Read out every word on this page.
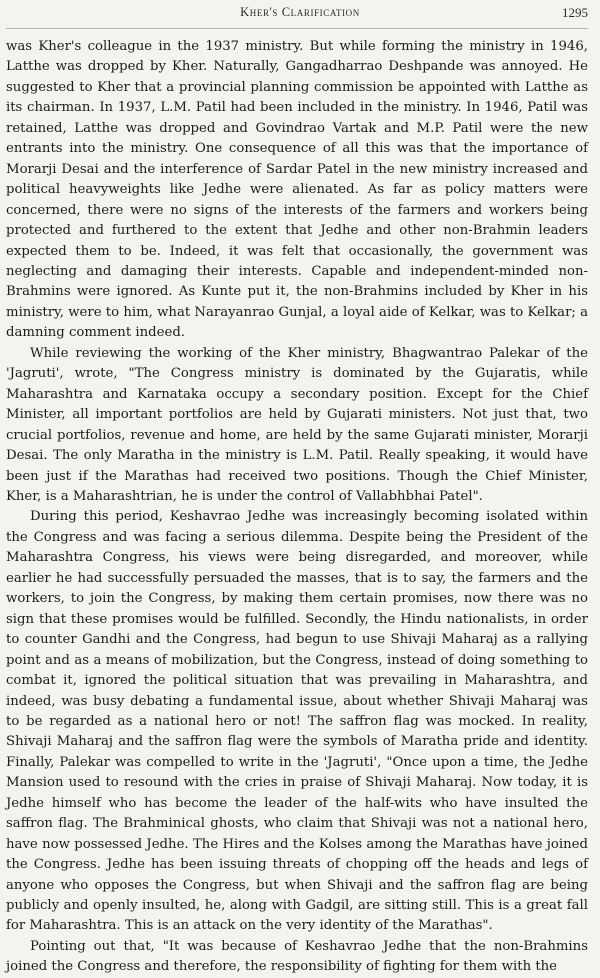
Kher's Clarification	1295

was Kher's colleague in the 1937 ministry. But while forming the ministry in 1946, Latthe was dropped by Kher. Naturally, Gangadharrao Deshpande was annoyed. He suggested to Kher that a provincial planning commission be appointed with Latthe as its chairman. In 1937, L.M. Patil had been included in the ministry. In 1946, Patil was retained, Latthe was dropped and Govindrao Vartak and M.P. Patil were the new entrants into the ministry. One consequence of all this was that the importance of Morarji Desai and the interference of Sardar Patel in the new ministry increased and political heavyweights like Jedhe were alienated. As far as policy matters were concerned, there were no signs of the interests of the farmers and workers being protected and furthered to the extent that Jedhe and other non-Brahmin leaders expected them to be. Indeed, it was felt that occasionally, the government was neglecting and damaging their interests. Capable and independent-minded non-Brahmins were ignored. As Kunte put it, the non-Brahmins included by Kher in his ministry, were to him, what Narayanrao Gunjal, a loyal aide of Kelkar, was to Kelkar; a damning comment indeed.

While reviewing the working of the Kher ministry, Bhagwantrao Palekar of the 'Jagruti', wrote, "The Congress ministry is dominated by the Gujaratis, while Maharashtra and Karnataka occupy a secondary position. Except for the Chief Minister, all important portfolios are held by Gujarati ministers. Not just that, two crucial portfolios, revenue and home, are held by the same Gujarati minister, Morarji Desai. The only Maratha in the ministry is L.M. Patil. Really speaking, it would have been just if the Marathas had received two positions. Though the Chief Minister, Kher, is a Maharashtrian, he is under the control of Vallabhbhai Patel".

During this period, Keshavrao Jedhe was increasingly becoming isolated within the Congress and was facing a serious dilemma. Despite being the President of the Maharashtra Congress, his views were being disregarded, and moreover, while earlier he had successfully persuaded the masses, that is to say, the farmers and the workers, to join the Congress, by making them certain promises, now there was no sign that these promises would be fulfilled. Secondly, the Hindu nationalists, in order to counter Gandhi and the Congress, had begun to use Shivaji Maharaj as a rallying point and as a means of mobilization, but the Congress, instead of doing something to combat it, ignored the political situation that was prevailing in Maharashtra, and indeed, was busy debating a fundamental issue, about whether Shivaji Maharaj was to be regarded as a national hero or not! The saffron flag was mocked. In reality, Shivaji Maharaj and the saffron flag were the symbols of Maratha pride and identity. Finally, Palekar was compelled to write in the 'Jagruti', "Once upon a time, the Jedhe Mansion used to resound with the cries in praise of Shivaji Maharaj. Now today, it is Jedhe himself who has become the leader of the half-wits who have insulted the saffron flag. The Brahminical ghosts, who claim that Shivaji was not a national hero, have now possessed Jedhe. The Hires and the Kolses among the Marathas have joined the Congress. Jedhe has been issuing threats of chopping off the heads and legs of anyone who opposes the Congress, but when Shivaji and the saffron flag are being publicly and openly insulted, he, along with Gadgil, are sitting still. This is a great fall for Maharashtra. This is an attack on the very identity of the Marathas".

Pointing out that, "It was because of Keshavrao Jedhe that the non-Brahmins joined the Congress and therefore, the responsibility of fighting for them with the
